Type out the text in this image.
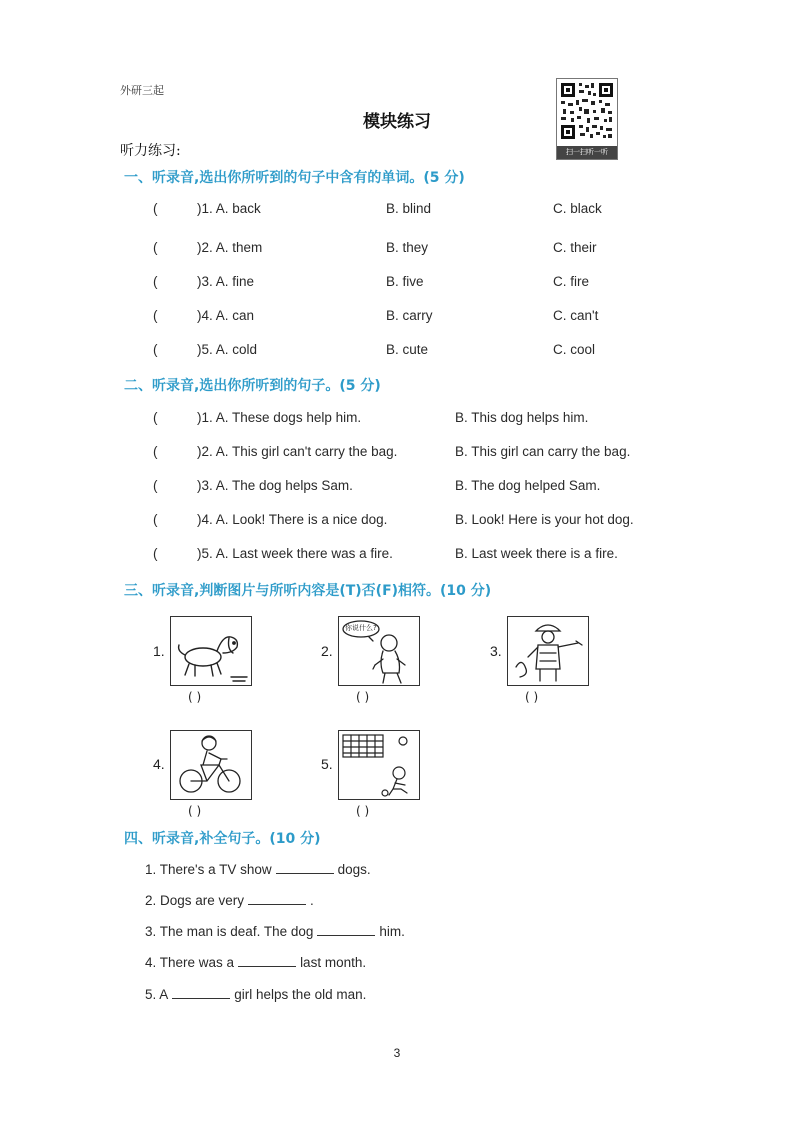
外研三起
模块练习
听力练习:	扫一扫听一听
一、听录音,选出你所听到的句子中含有的单词。(5 分)
(	)1. A. back	B. blind	C. black
(	)2. A. them	B. they	C. their
(	)3. A. fine	B. five	C. fire
(	)4. A. can	B. carry	C. can't
(	)5. A. cold	B. cute	C. cool
二、听录音,选出你所听到的句子。(5 分)
(	)1. A. These dogs help him.	B. This dog helps him.
(	)2. A. This girl can't carry the bag.	B. This girl can carry the bag.
(	)3. A. The dog helps Sam.	B. The dog helped Sam.
(	)4. A. Look! There is a nice dog.	B. Look! Here is your hot dog.
(	)5. A. Last week there was a fire.	B. Last week there is a fire.
三、听录音,判断图片与所听内容是(T)否(F)相符。(10 分)
1.
( )
2.
你说什么?
( )
3.
( )
4.
( )
5.
( )
四、听录音,补全句子。(10 分)
1. There's a TV show	dogs.
2. Dogs are very	.
3. The man is deaf. The dog	him.
4. There was a	last month.
5. A	girl helps the old man.
3
